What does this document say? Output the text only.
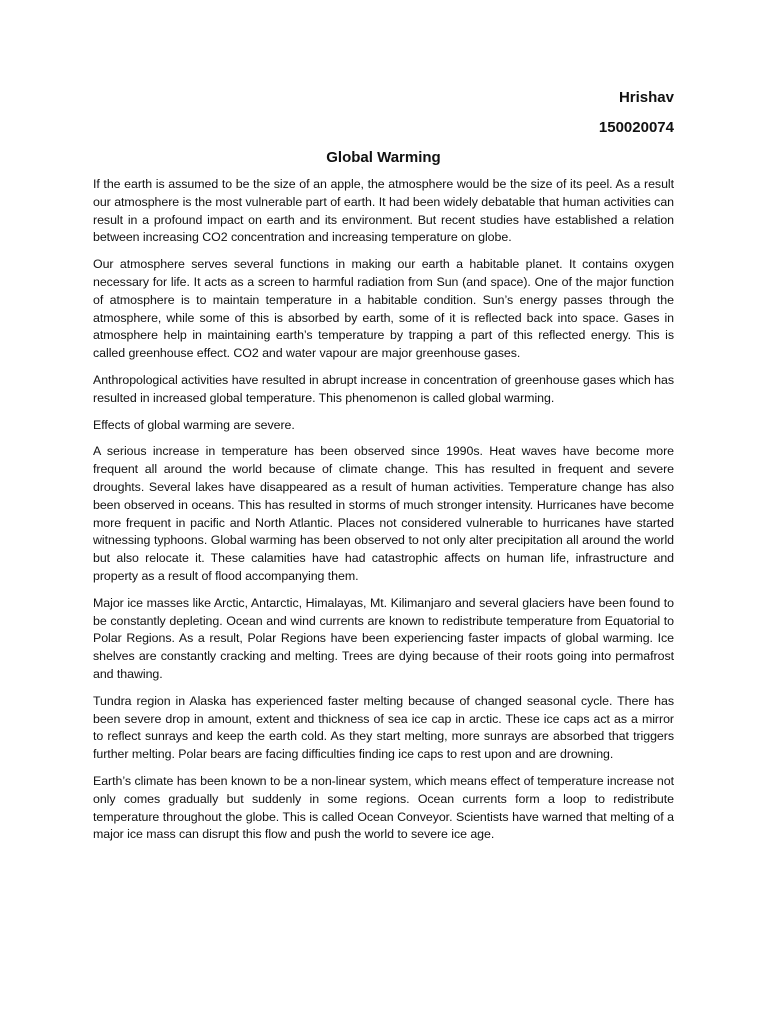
Hrishav

150020074

Global Warming

If the earth is assumed to be the size of an apple, the atmosphere would be the size of its peel. As a result our atmosphere is the most vulnerable part of earth. It had been widely debatable that human activities can result in a profound impact on earth and its environment. But recent studies have established a relation between increasing CO2 concentration and increasing temperature on globe.

Our atmosphere serves several functions in making our earth a habitable planet. It contains oxygen necessary for life. It acts as a screen to harmful radiation from Sun (and space). One of the major function of atmosphere is to maintain temperature in a habitable condition. Sun’s energy passes through the atmosphere, while some of this is absorbed by earth, some of it is reflected back into space. Gases in atmosphere help in maintaining earth’s temperature by trapping a part of this reflected energy. This is called greenhouse effect. CO2 and water vapour are major greenhouse gases.

Anthropological activities have resulted in abrupt increase in concentration of greenhouse gases which has resulted in increased global temperature. This phenomenon is called global warming.

Effects of global warming are severe.

A serious increase in temperature has been observed since 1990s. Heat waves have become more frequent all around the world because of climate change. This has resulted in frequent and severe droughts. Several lakes have disappeared as a result of human activities. Temperature change has also been observed in oceans. This has resulted in storms of much stronger intensity. Hurricanes have become more frequent in pacific and North Atlantic. Places not considered vulnerable to hurricanes have started witnessing typhoons. Global warming has been observed to not only alter precipitation all around the world but also relocate it. These calamities have had catastrophic affects on human life, infrastructure and property as a result of flood accompanying them.

Major ice masses like Arctic, Antarctic, Himalayas, Mt. Kilimanjaro and several glaciers have been found to be constantly depleting. Ocean and wind currents are known to redistribute temperature from Equatorial to Polar Regions. As a result, Polar Regions have been experiencing faster impacts of global warming. Ice shelves are constantly cracking and melting. Trees are dying because of their roots going into permafrost and thawing.

Tundra region in Alaska has experienced faster melting because of changed seasonal cycle. There has been severe drop in amount, extent and thickness of sea ice cap in arctic. These ice caps act as a mirror to reflect sunrays and keep the earth cold. As they start melting, more sunrays are absorbed that triggers further melting. Polar bears are facing difficulties finding ice caps to rest upon and are drowning.

Earth’s climate has been known to be a non-linear system, which means effect of temperature increase not only comes gradually but suddenly in some regions. Ocean currents form a loop to redistribute temperature throughout the globe. This is called Ocean Conveyor. Scientists have warned that melting of a major ice mass can disrupt this flow and push the world to severe ice age.
